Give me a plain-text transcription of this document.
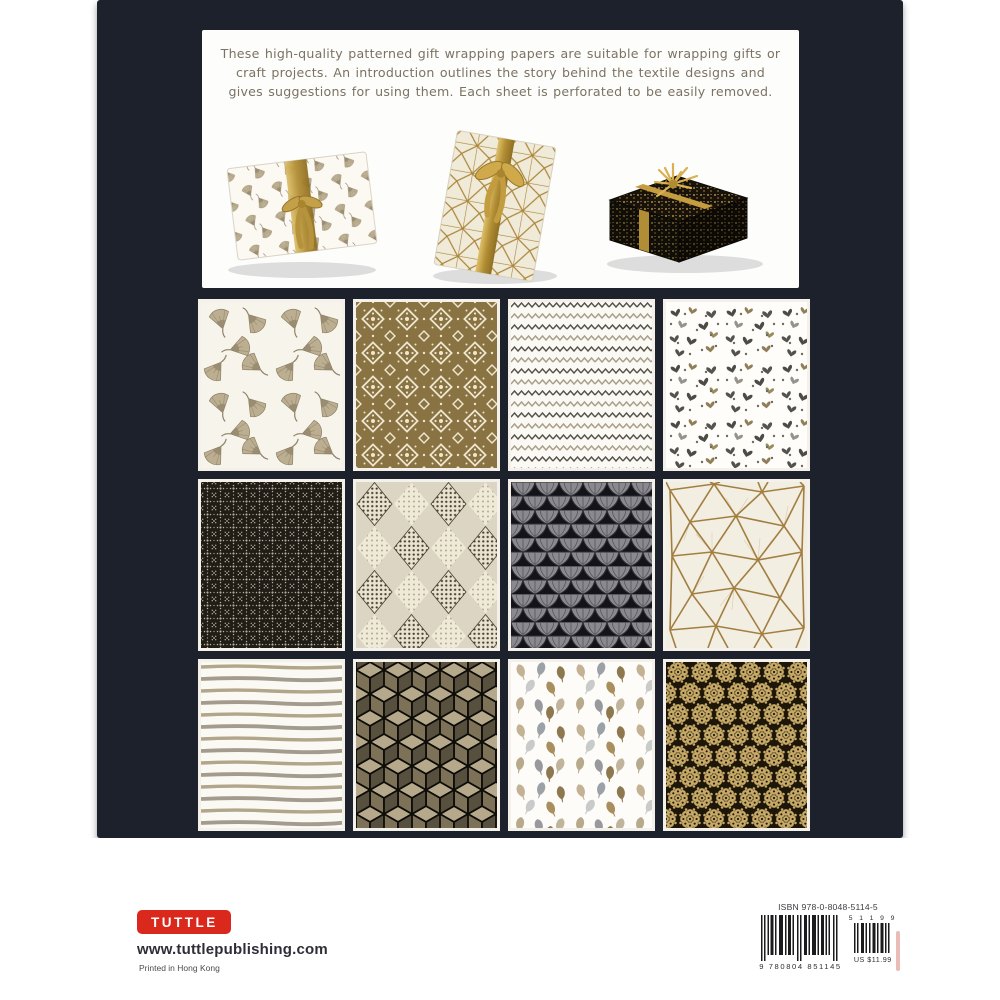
These high-quality patterned gift wrapping papers are suitable for wrapping gifts or craft projects. An introduction outlines the story behind the textile designs and gives suggestions for using them. Each sheet is perforated to be easily removed.

TUTTLE
www.tuttlepublishing.com
Printed in Hong Kong
ISBN 978-0-8048-5114-5
9 780804 851145
5 1 1 9 9
US $11.99
